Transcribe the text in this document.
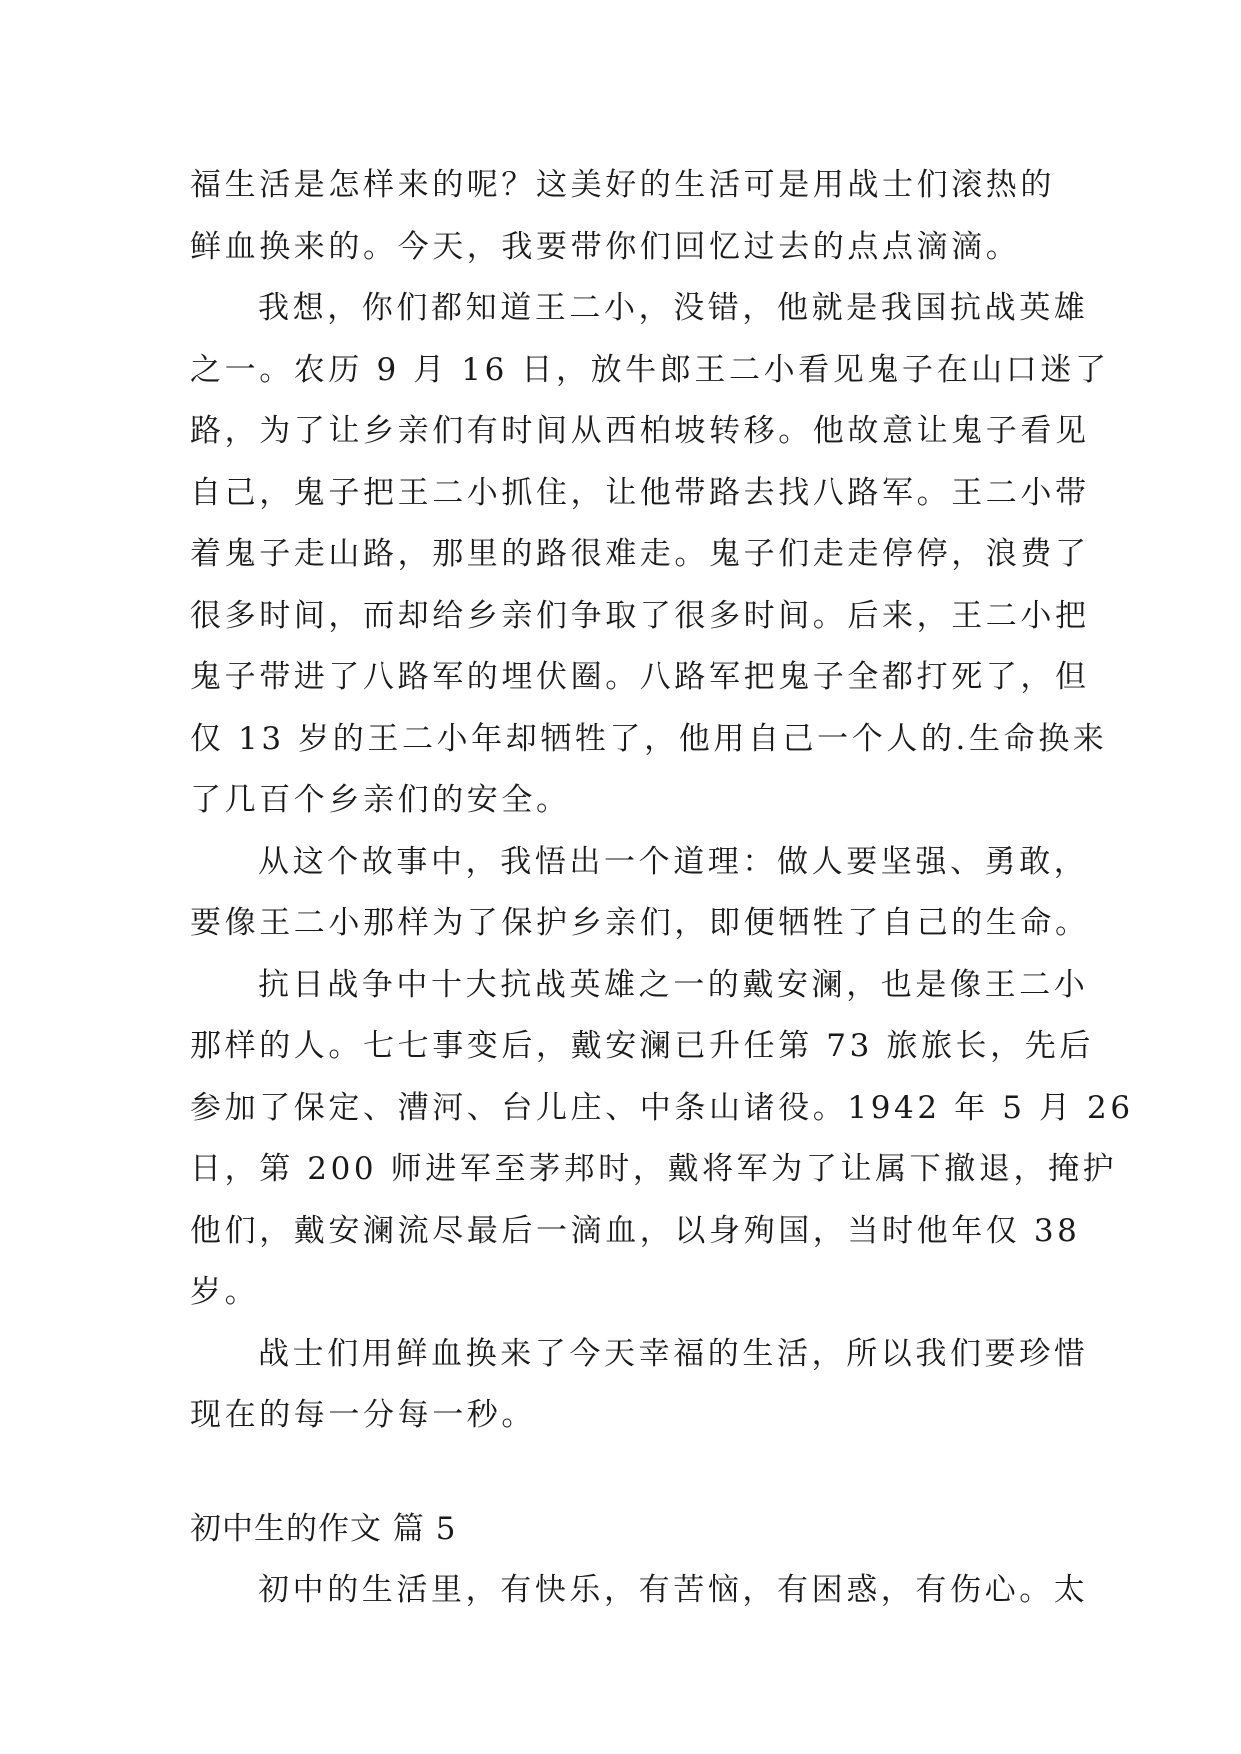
福生活是怎样来的呢？这美好的生活可是用战士们滚热的
鲜血换来的。今天，我要带你们回忆过去的点点滴滴。
我想，你们都知道王二小，没错，他就是我国抗战英雄
之一。农历 9 月 16 日，放牛郎王二小看见鬼子在山口迷了
路，为了让乡亲们有时间从西柏坡转移。他故意让鬼子看见
自己，鬼子把王二小抓住，让他带路去找八路军。王二小带
着鬼子走山路，那里的路很难走。鬼子们走走停停，浪费了
很多时间，而却给乡亲们争取了很多时间。后来，王二小把
鬼子带进了八路军的埋伏圈。八路军把鬼子全都打死了，但
仅 13 岁的王二小年却牺牲了，他用自己一个人的.生命换来
了几百个乡亲们的安全。
从这个故事中，我悟出一个道理：做人要坚强、勇敢，
要像王二小那样为了保护乡亲们，即便牺牲了自己的生命。
抗日战争中十大抗战英雄之一的戴安澜，也是像王二小
那样的人。七七事变后，戴安澜已升任第 73 旅旅长，先后
参加了保定、漕河、台儿庄、中条山诸役。1942 年 5 月 26
日，第 200 师进军至茅邦时，戴将军为了让属下撤退，掩护
他们，戴安澜流尽最后一滴血，以身殉国，当时他年仅 38
岁。
战士们用鲜血换来了今天幸福的生活，所以我们要珍惜
现在的每一分每一秒。
初中生的作文 篇 5
初中的生活里，有快乐，有苦恼，有困惑，有伤心。太
